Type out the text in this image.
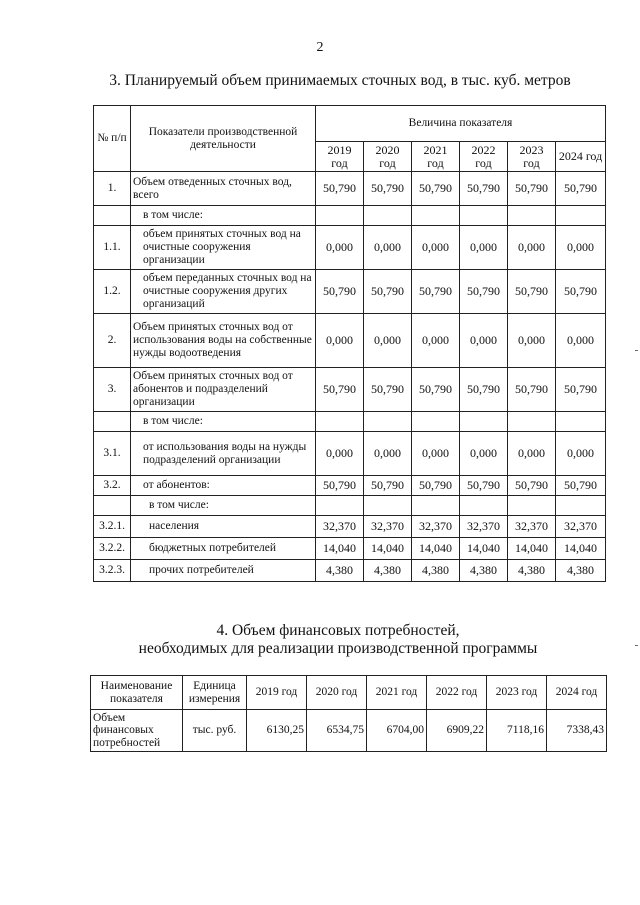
2
3. Планируемый объем принимаемых сточных вод, в тыс. куб. метров
№ п/п	Показатели производственной деятельности	Величина показателя					
		2019 год	2020 год	2021 год	2022 год	2023 год	2024 год
1.	Объем отведенных сточных вод, всего	50,790	50,790	50,790	50,790	50,790	50,790
	в том числе:						
1.1.	объем принятых сточных вод на очистные сооружения организации	0,000	0,000	0,000	0,000	0,000	0,000
1.2.	объем переданных сточных вод на очистные сооружения других организаций	50,790	50,790	50,790	50,790	50,790	50,790
2.	Объем принятых сточных вод от использования воды на собственные нужды водоотведения	0,000	0,000	0,000	0,000	0,000	0,000
3.	Объем принятых сточных вод от абонентов и подразделений организации	50,790	50,790	50,790	50,790	50,790	50,790
	в том числе:						
3.1.	от использования воды на нужды подразделений организации	0,000	0,000	0,000	0,000	0,000	0,000
3.2.	от абонентов:	50,790	50,790	50,790	50,790	50,790	50,790
	в том числе:						
3.2.1.	населения	32,370	32,370	32,370	32,370	32,370	32,370
3.2.2.	бюджетных потребителей	14,040	14,040	14,040	14,040	14,040	14,040
3.2.3.	прочих потребителей	4,380	4,380	4,380	4,380	4,380	4,380
4. Объем финансовых потребностей,
необходимых для реализации производственной программы
Наименование показателя	Единица измерения	2019 год	2020 год	2021 год	2022 год	2023 год	2024 год
Объем финансовых потребностей	тыс. руб.	6130,25	6534,75	6704,00	6909,22	7118,16	7338,43
